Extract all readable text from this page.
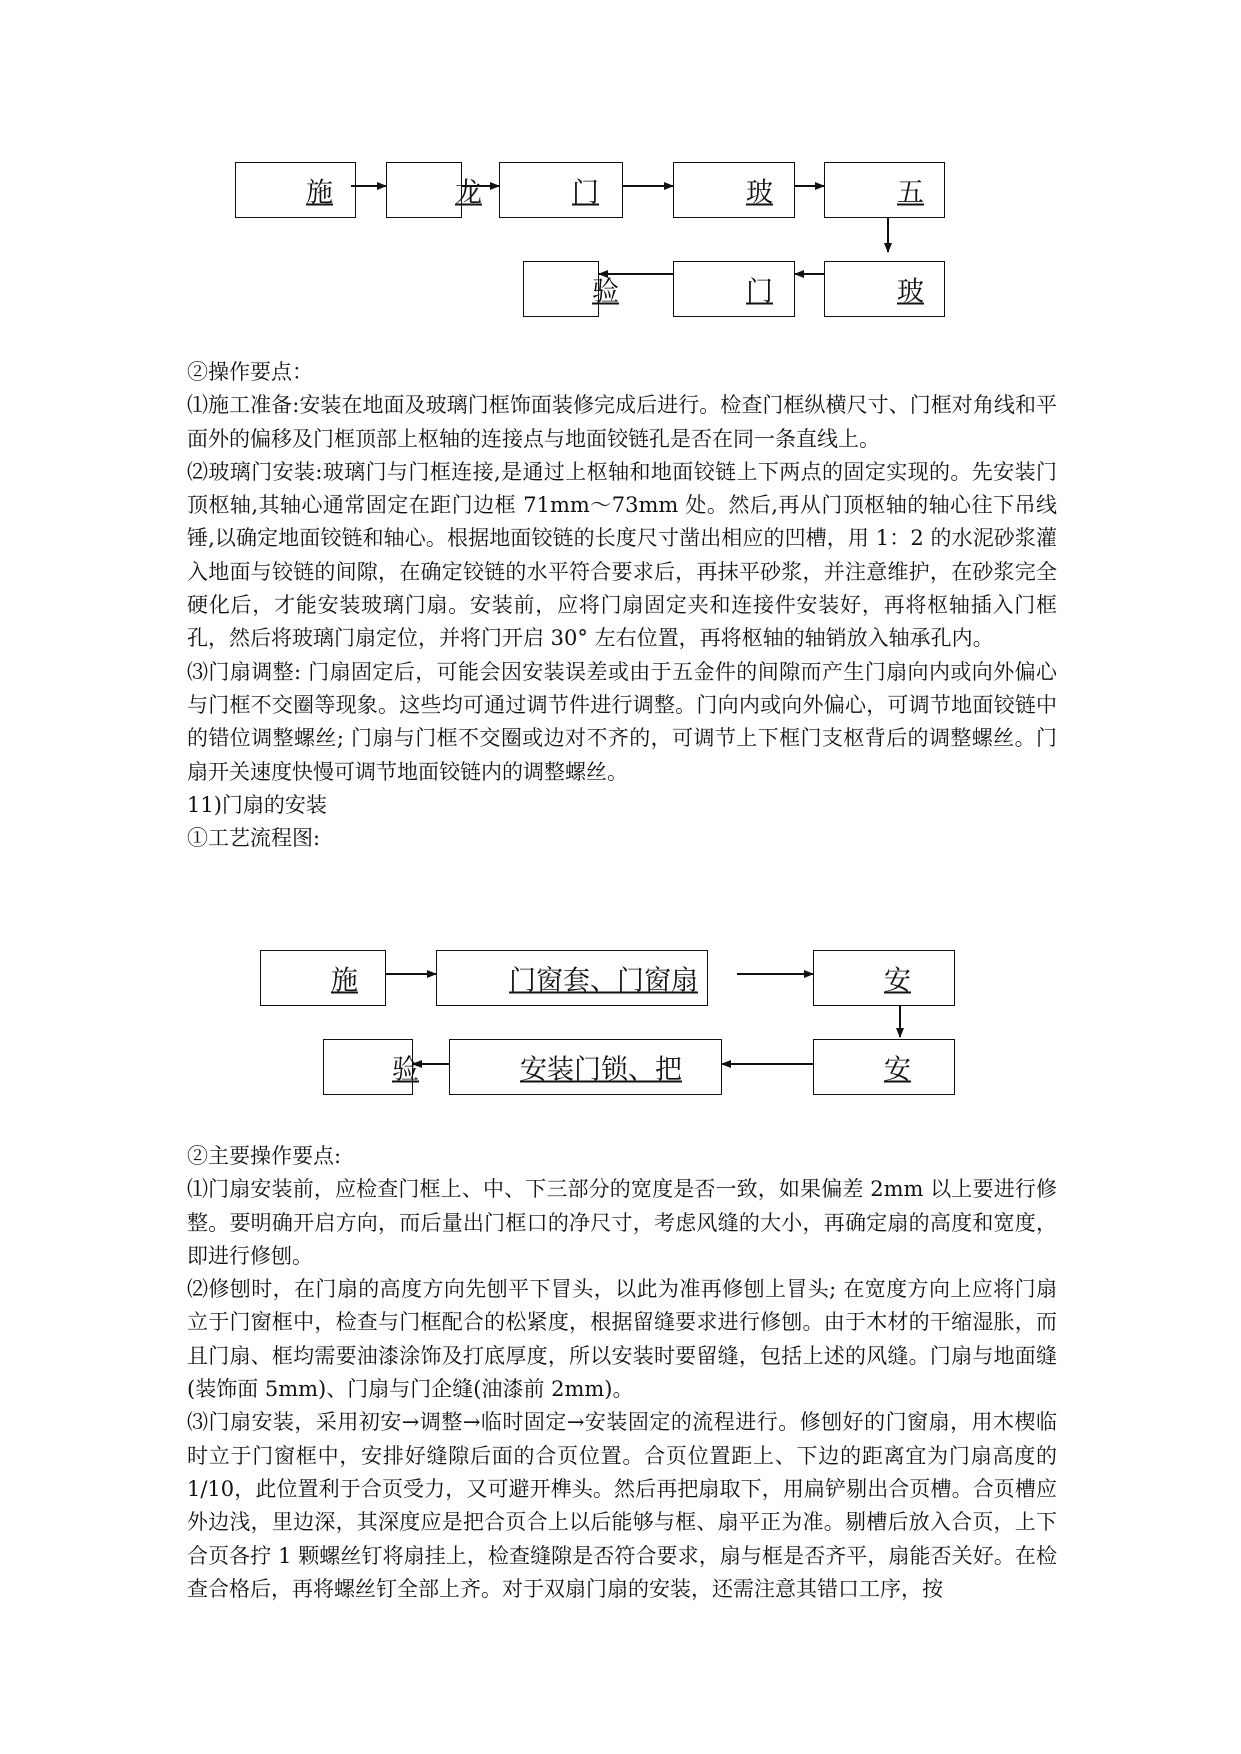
施	龙	门	玻	五
验	门	玻
施	门窗套、门窗扇	安
验	安装门锁、把	安

②操作要点：

⑴施工准备:安装在地面及玻璃门框饰面装修完成后进行。检查门框纵横尺寸、门框对角线和平面外的偏移及门框顶部上枢轴的连接点与地面铰链孔是否在同一条直线上。

⑵玻璃门安装:玻璃门与门框连接,是通过上枢轴和地面铰链上下两点的固定实现的。先安装门顶枢轴,其轴心通常固定在距门边框 71mm～73mm 处。然后,再从门顶枢轴的轴心往下吊线锤,以确定地面铰链和轴心。根据地面铰链的长度尺寸凿出相应的凹槽，用 1：2 的水泥砂浆灌入地面与铰链的间隙，在确定铰链的水平符合要求后，再抹平砂浆，并注意维护，在砂浆完全硬化后，才能安装玻璃门扇。安装前，应将门扇固定夹和连接件安装好，再将枢轴插入门框孔，然后将玻璃门扇定位，并将门开启 30° 左右位置，再将枢轴的轴销放入轴承孔内。

⑶门扇调整: 门扇固定后，可能会因安装误差或由于五金件的间隙而产生门扇向内或向外偏心与门框不交圈等现象。这些均可通过调节件进行调整。门向内或向外偏心，可调节地面铰链中的错位调整螺丝; 门扇与门框不交圈或边对不齐的，可调节上下框门支枢背后的调整螺丝。门扇开关速度快慢可调节地面铰链内的调整螺丝。

11)门扇的安装

①工艺流程图:

②主要操作要点:

⑴门扇安装前，应检查门框上、中、下三部分的宽度是否一致，如果偏差 2mm 以上要进行修整。要明确开启方向，而后量出门框口的净尺寸，考虑风缝的大小，再确定扇的高度和宽度，即进行修刨。

⑵修刨时，在门扇的高度方向先刨平下冒头，以此为准再修刨上冒头; 在宽度方向上应将门扇立于门窗框中，检查与门框配合的松紧度，根据留缝要求进行修刨。由于木材的干缩湿胀，而且门扇、框均需要油漆涂饰及打底厚度，所以安装时要留缝，包括上述的风缝。门扇与地面缝(装饰面 5mm)、门扇与门企缝(油漆前 2mm)。

⑶门扇安装，采用初安→调整→临时固定→安装固定的流程进行。修刨好的门窗扇，用木楔临时立于门窗框中，安排好缝隙后面的合页位置。合页位置距上、下边的距离宜为门扇高度的 1/10，此位置利于合页受力，又可避开榫头。然后再把扇取下，用扁铲剔出合页槽。合页槽应外边浅，里边深，其深度应是把合页合上以后能够与框、扇平正为准。剔槽后放入合页，上下合页各拧 1 颗螺丝钉将扇挂上，检查缝隙是否符合要求，扇与框是否齐平，扇能否关好。在检查合格后，再将螺丝钉全部上齐。对于双扇门扇的安装，还需注意其错口工序，按
